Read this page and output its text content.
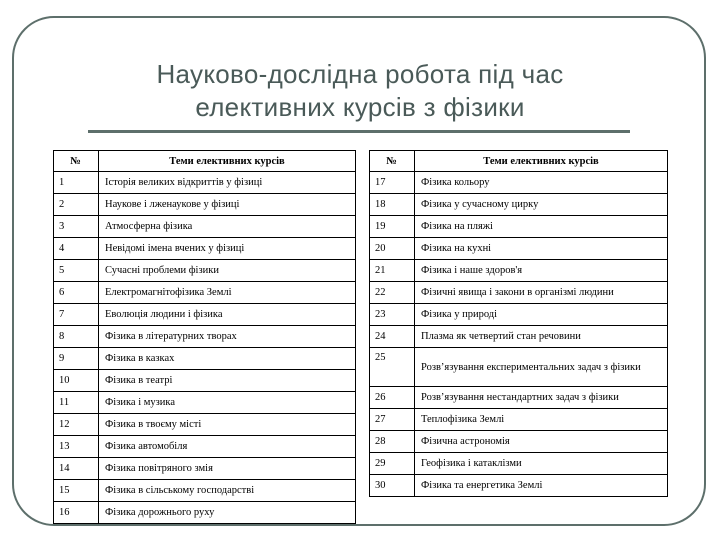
Науково-дослідна робота під час
елективних курсів з фізики
№	Теми елективних курсів
1	Історія великих відкриттів у фізиці
2	Наукове і лженаукове у фізиці
3	Атмосферна фізика
4	Невідомі імена вчених у фізиці
5	Сучасні проблеми фізики
6	Електромагнітофізика Землі
7	Еволюція людини і фізика
8	Фізика в літературних творах
9	Фізика в казках
10	Фізика в театрі
11	Фізика і музика
12	Фізика в твоєму місті
13	Фізика автомобіля
14	Фізика повітряного змія
15	Фізика в сільському господарстві
16	Фізика дорожнього руху
№	Теми елективних курсів
17	Фізика кольору
18	Фізика у сучасному цирку
19	Фізика на пляжі
20	Фізика на кухні
21	Фізика і наше здоров'я
22	Фізичні явища і закони в організмі людини
23	Фізика у природі
24	Плазма як четвертий стан речовини
25	Розв’язування експериментальних задач з фізики
26	Розв’язування нестандартних задач з фізики
27	Теплофізика Землі
28	Фізична астрономія
29	Геофізика і катаклізми
30	Фізика та енергетика Землі
